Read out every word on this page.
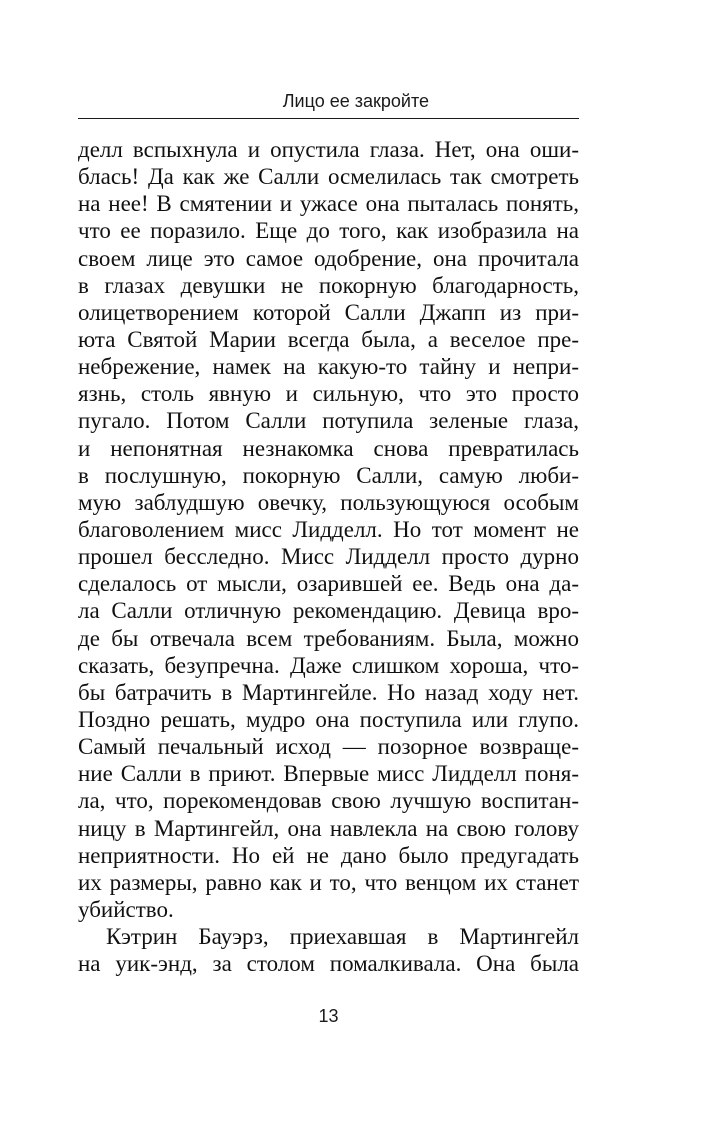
Лицо ее закройте
делл вспыхнула и опустила глаза. Нет, она оши-
блась! Да как же Салли осмелилась так смотреть
на нее! В смятении и ужасе она пыталась понять,
что ее поразило. Еще до того, как изобразила на
своем лице это самое одобрение, она прочитала
в глазах девушки не покорную благодарность,
олицетворением которой Салли Джапп из при-
юта Святой Марии всегда была, а веселое пре-
небрежение, намек на какую-то тайну и непри-
язнь, столь явную и сильную, что это просто
пугало. Потом Салли потупила зеленые глаза,
и непонятная незнакомка снова превратилась
в послушную, покорную Салли, самую люби-
мую заблудшую овечку, пользующуюся особым
благоволением мисс Лидделл. Но тот момент не
прошел бесследно. Мисс Лидделл просто дурно
сделалось от мысли, озарившей ее. Ведь она да-
ла Салли отличную рекомендацию. Девица вро-
де бы отвечала всем требованиям. Была, можно
сказать, безупречна. Даже слишком хороша, что-
бы батрачить в Мартингейле. Но назад ходу нет.
Поздно решать, мудро она поступила или глупо.
Самый печальный исход — позорное возвраще-
ние Салли в приют. Впервые мисс Лидделл поня-
ла, что, порекомендовав свою лучшую воспитан-
ницу в Мартингейл, она навлекла на свою голову
неприятности. Но ей не дано было предугадать
их размеры, равно как и то, что венцом их станет
убийство.
Кэтрин Бауэрз, приехавшая в Мартингейл
на уик-энд, за столом помалкивала. Она была
13
